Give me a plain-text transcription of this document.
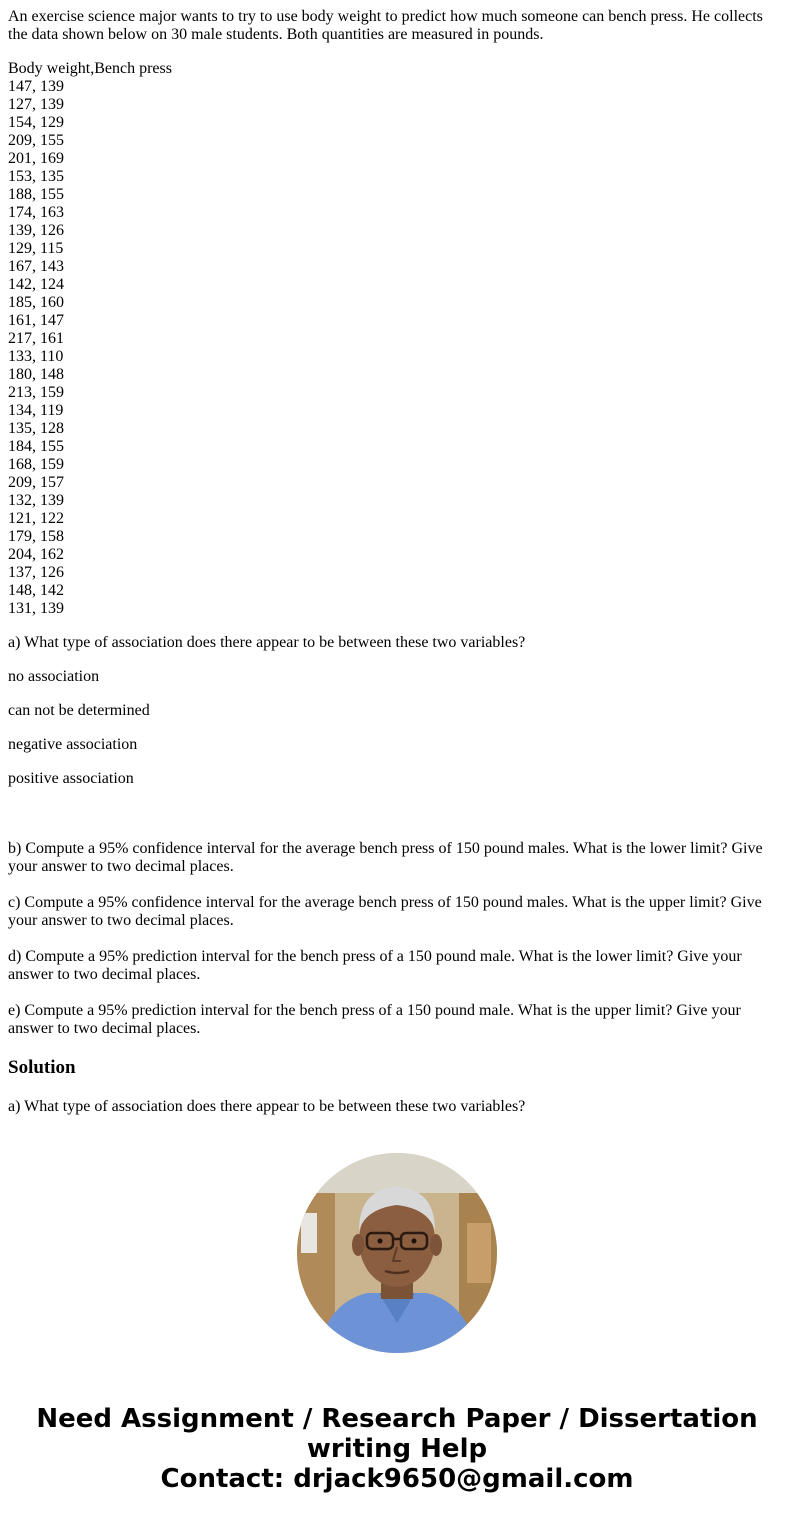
An exercise science major wants to try to use body weight to predict how much someone can bench press. He collects the data shown below on 30 male students. Both quantities are measured in pounds.

Body weight,Bench press
147, 139
127, 139
154, 129
209, 155
201, 169
153, 135
188, 155
174, 163
139, 126
129, 115
167, 143
142, 124
185, 160
161, 147
217, 161
133, 110
180, 148
213, 159
134, 119
135, 128
184, 155
168, 159
209, 157
132, 139
121, 122
179, 158
204, 162
137, 126
148, 142
131, 139

a) What type of association does there appear to be between these two variables?

no association

can not be determined

negative association

positive association

b) Compute a 95% confidence interval for the average bench press of 150 pound males. What is the lower limit? Give your answer to two decimal places.

c) Compute a 95% confidence interval for the average bench press of 150 pound males. What is the upper limit? Give your answer to two decimal places.

d) Compute a 95% prediction interval for the bench press of a 150 pound male. What is the lower limit? Give your answer to two decimal places.

e) Compute a 95% prediction interval for the bench press of a 150 pound male. What is the upper limit? Give your answer to two decimal places.

Solution

a) What type of association does there appear to be between these two variables?

Need Assignment / Research Paper / Dissertation
writing Help
Contact: drjack9650@gmail.com
